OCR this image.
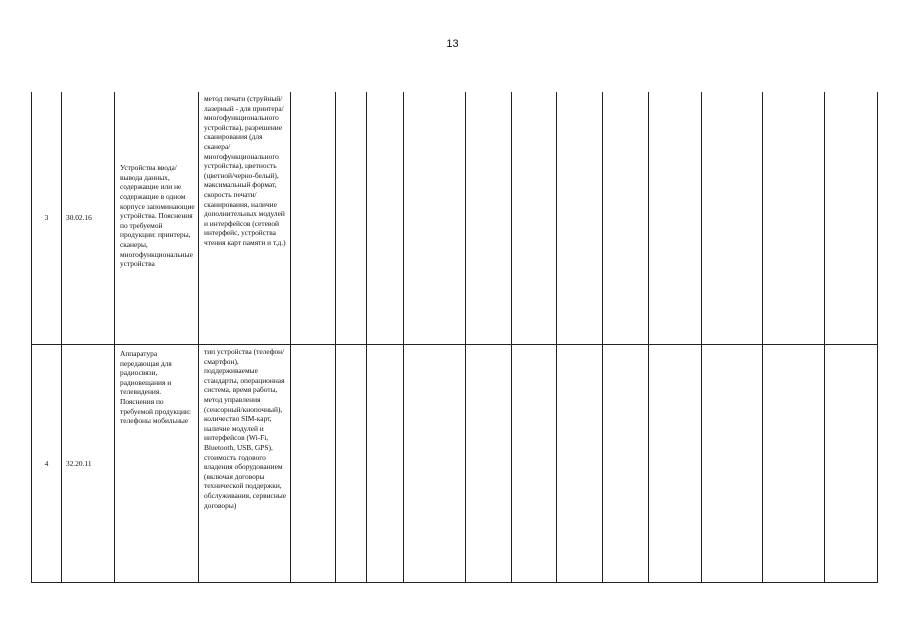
13
3	30.02.16	Устройства ввода/вывода данных, содержащие или не содержащие в одном корпусе запоминающие устройства. Пояснения по требуемой продукции: принтеры, сканеры, многофункциональные устройства	метод печати (струйный/лазерный - для принтера/многофункционального устройства), разрешение сканирования (для сканера/многофункционального устройства), цветность (цветной/черно-белый), максимальный формат, скорость печати/сканирования, наличие дополнительных модулей и интерфейсов (сетевой интерфейс, устройства чтения карт памяти и т.д.)												

4	32.20.11	Аппаратура передающая для радиосвязи, радиовещания и телевидения. Пояснения по требуемой продукции: телефоны мобильные	тип устройства (телефон/смартфон), поддерживаемые стандарты, операционная система, время работы, метод управления (сенсорный/кнопочный), количество SIM-карт, наличие модулей и интерфейсов (Wi-Fi, Bluetooth, USB, GPS), стоимость годового владения оборудованием (включая договоры технической поддержки, обслуживания, сервисные договоры)												
